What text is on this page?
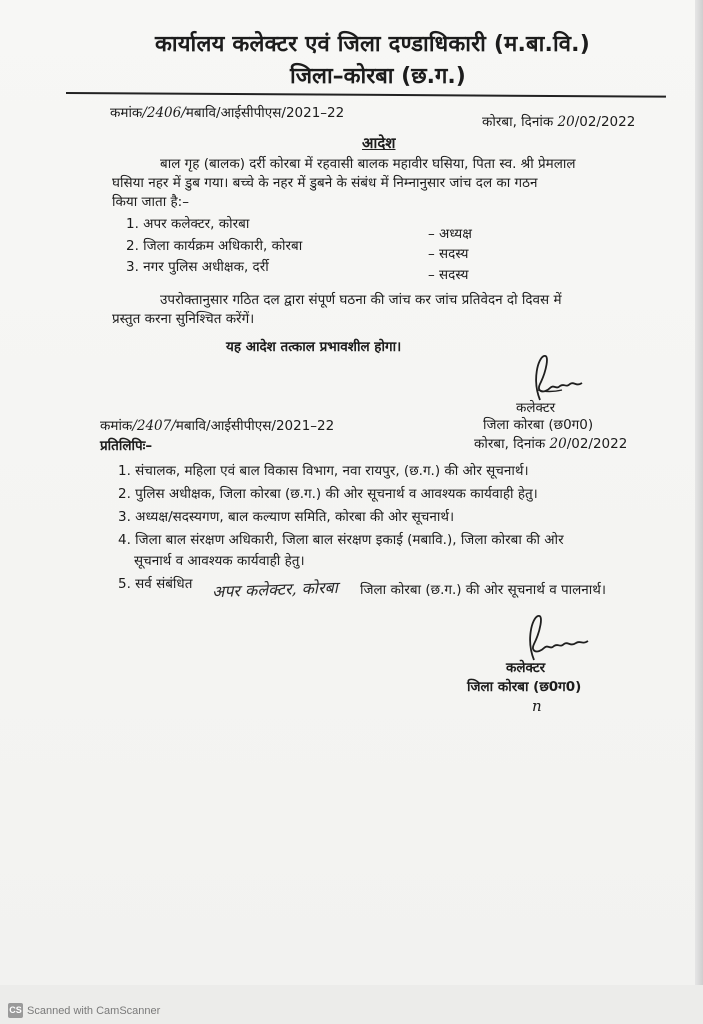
कार्यालय कलेक्टर एवं जिला दण्डाधिकारी (म.बा.वि.)
जिला–कोरबा (छ.ग.)
कमांक/2406/मबावि/आईसीपीएस/2021–22
कोरबा, दिनांक 20/02/2022
आदेश
बाल गृह (बालक) दर्री कोरबा में रहवासी बालक महावीर घसिया, पिता स्व. श्री प्रेमलाल
घसिया नहर में डुब गया। बच्चे के नहर में डुबने के संबंध में निम्नानुसार जांच दल का गठन
किया जाता है:–
1. अपर कलेक्टर, कोरबा
– अध्यक्ष
2. जिला कार्यक्रम अधिकारी, कोरबा	– सदस्य
3. नगर पुलिस अधीक्षक, दर्री	– सदस्य
उपरोक्तानुसार गठित दल द्वारा संपूर्ण घठना की जांच कर जांच प्रतिवेदन दो दिवस में
प्रस्तुत करना सुनिश्चित करेंगें।
यह आदेश तत्काल प्रभावशील होगा।
कलेक्टर
जिला कोरबा (छ0ग0)
कमांक/2407/मबावि/आईसीपीएस/2021–22
कोरबा, दिनांक 20/02/2022
प्रतिलिपिः–
1. संचालक, महिला एवं बाल विकास विभाग, नवा रायपुर, (छ.ग.) की ओर सूचनार्थ।
2. पुलिस अधीक्षक, जिला कोरबा (छ.ग.) की ओर सूचनार्थ व आवश्यक कार्यवाही हेतु।
3. अध्यक्ष/सदस्यगण, बाल कल्याण समिति, कोरबा की ओर सूचनार्थ।
4. जिला बाल संरक्षण अधिकारी, जिला बाल संरक्षण इकाई (मबावि.), जिला कोरबा की ओर
सूचनार्थ व आवश्यक कार्यवाही हेतु।
5. सर्व संबंधित अपर कलेक्टर, कोरबा जिला कोरबा (छ.ग.) की ओर सूचनार्थ व पालनार्थ।
कलेक्टर
जिला कोरबा (छ0ग0)
n
CS Scanned with CamScanner
